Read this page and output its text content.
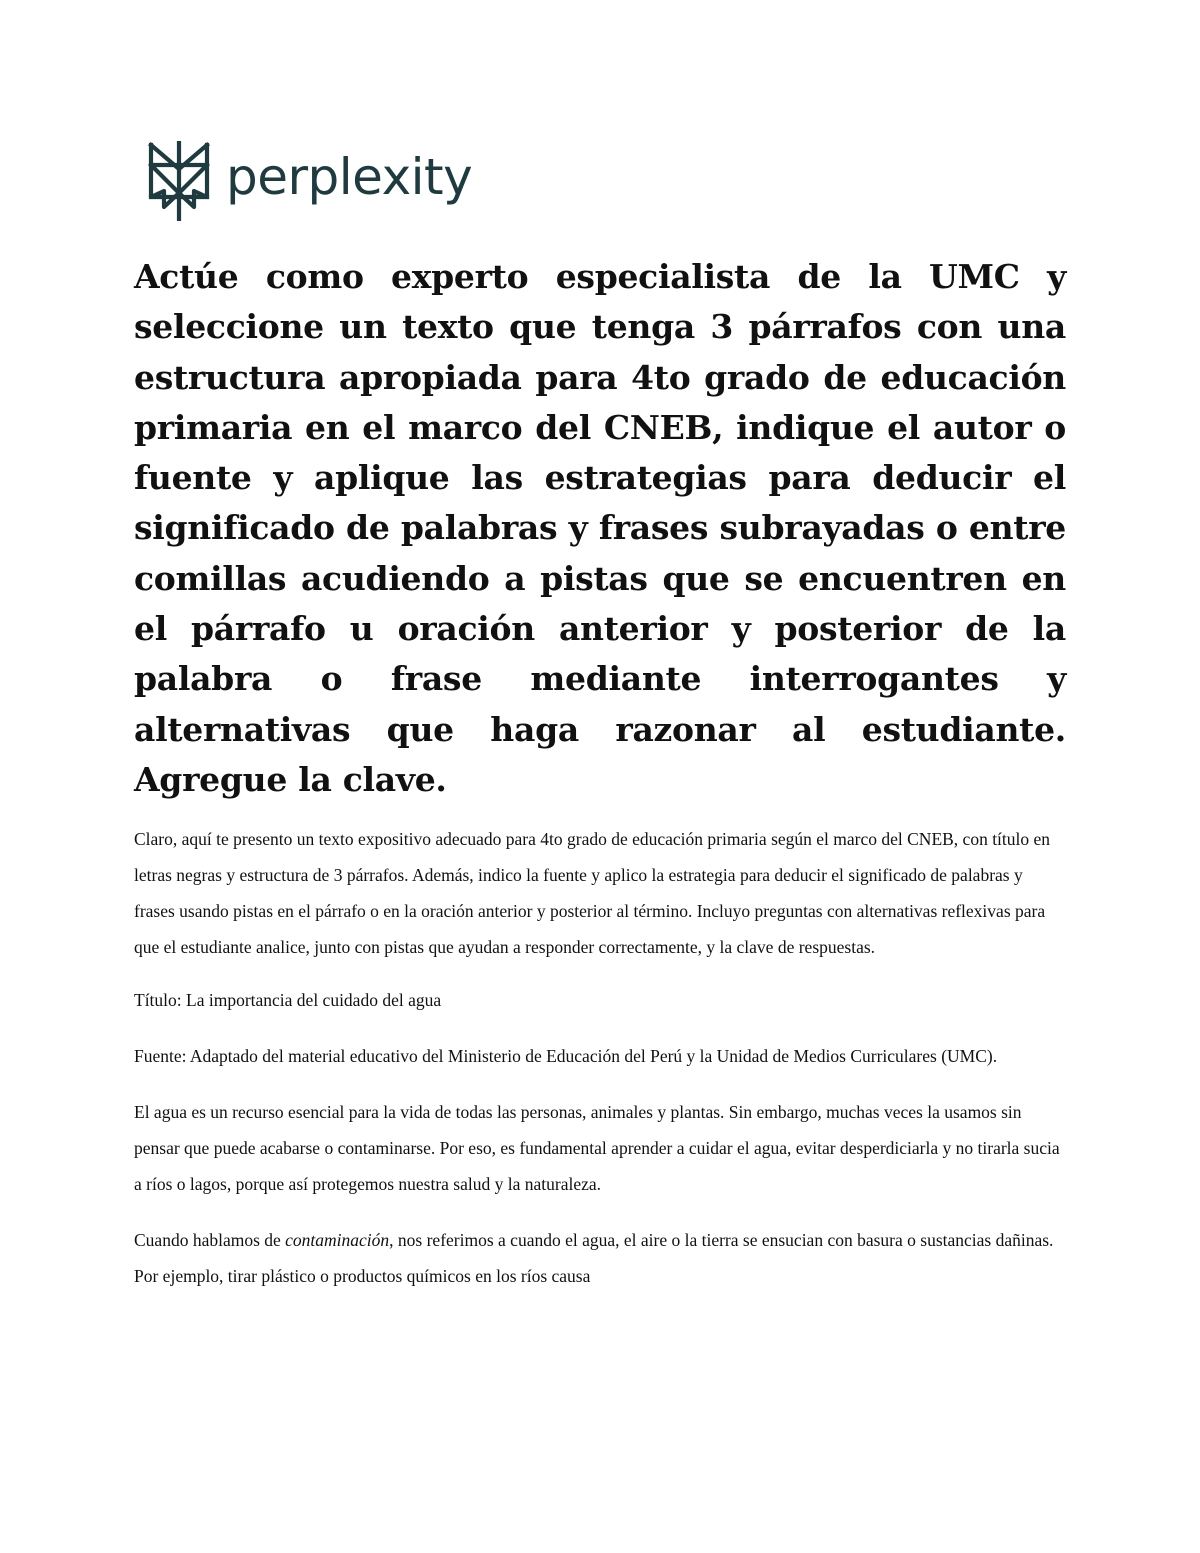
perplexity

Actúe como experto especialista de la UMC y seleccione un texto que tenga 3 párrafos con una estructura apropiada para 4to grado de educación primaria en el marco del CNEB, indique el autor o fuente y aplique las estrategias para deducir el significado de palabras y frases subrayadas o entre comillas acudiendo a pistas que se encuentren en el párrafo u oración anterior y posterior de la palabra o frase mediante interrogantes y alternativas que haga razonar al estudiante. Agregue la clave.

Claro, aquí te presento un texto expositivo adecuado para 4to grado de educación primaria según el marco del CNEB, con título en letras negras y estructura de 3 párrafos. Además, indico la fuente y aplico la estrategia para deducir el significado de palabras y frases usando pistas en el párrafo o en la oración anterior y posterior al término. Incluyo preguntas con alternativas reflexivas para que el estudiante analice, junto con pistas que ayudan a responder correctamente, y la clave de respuestas.

Título: La importancia del cuidado del agua

Fuente: Adaptado del material educativo del Ministerio de Educación del Perú y la Unidad de Medios Curriculares (UMC).

El agua es un recurso esencial para la vida de todas las personas, animales y plantas. Sin embargo, muchas veces la usamos sin pensar que puede acabarse o contaminarse. Por eso, es fundamental aprender a cuidar el agua, evitar desperdiciarla y no tirarla sucia a ríos o lagos, porque así protegemos nuestra salud y la naturaleza.

Cuando hablamos de contaminación, nos referimos a cuando el agua, el aire o la tierra se ensucian con basura o sustancias dañinas. Por ejemplo, tirar plástico o productos químicos en los ríos causa
